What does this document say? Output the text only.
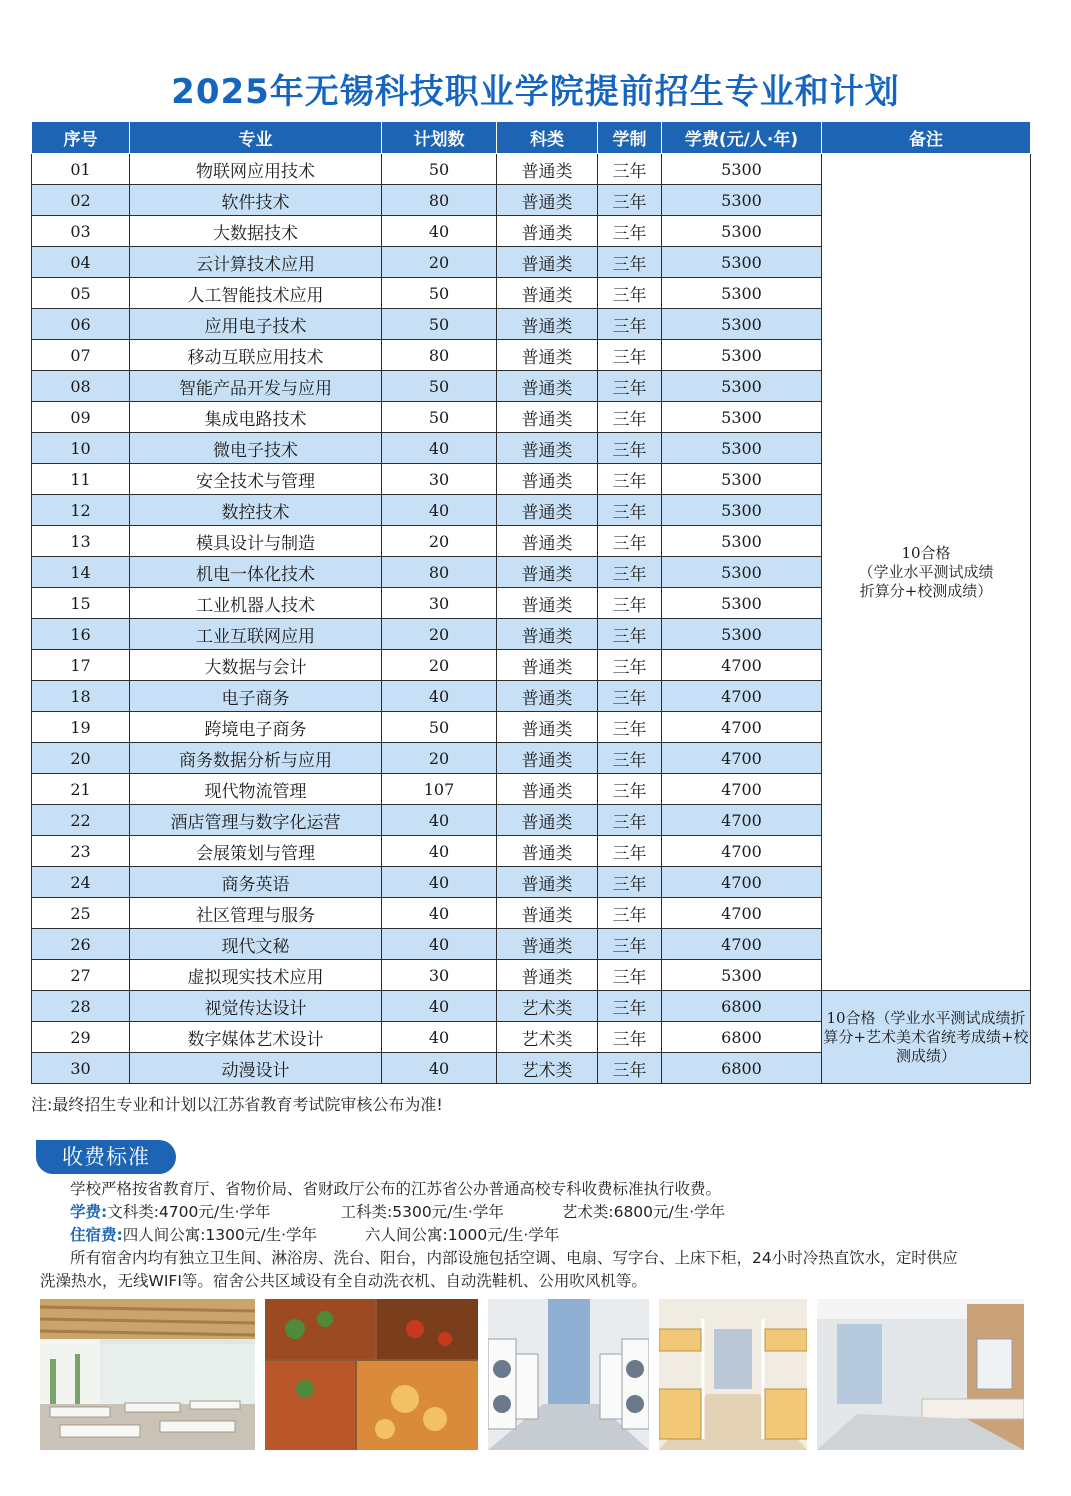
2025年无锡科技职业学院提前招生专业和计划
序号	专业	计划数	科类	学制	学费(元/人·年)	备注
01	物联网应用技术	50	普通类	三年	5300	10合格
（学业水平测试成绩
折算分+校测成绩）
02	软件技术	80	普通类	三年	5300	
03	大数据技术	40	普通类	三年	5300	
04	云计算技术应用	20	普通类	三年	5300	
05	人工智能技术应用	50	普通类	三年	5300	
06	应用电子技术	50	普通类	三年	5300	
07	移动互联应用技术	80	普通类	三年	5300	
08	智能产品开发与应用	50	普通类	三年	5300	
09	集成电路技术	50	普通类	三年	5300	
10	微电子技术	40	普通类	三年	5300	
11	安全技术与管理	30	普通类	三年	5300	
12	数控技术	40	普通类	三年	5300	
13	模具设计与制造	20	普通类	三年	5300	
14	机电一体化技术	80	普通类	三年	5300	
15	工业机器人技术	30	普通类	三年	5300	
16	工业互联网应用	20	普通类	三年	5300	
17	大数据与会计	20	普通类	三年	4700	
18	电子商务	40	普通类	三年	4700	
19	跨境电子商务	50	普通类	三年	4700	
20	商务数据分析与应用	20	普通类	三年	4700	
21	现代物流管理	107	普通类	三年	4700	
22	酒店管理与数字化运营	40	普通类	三年	4700	
23	会展策划与管理	40	普通类	三年	4700	
24	商务英语	40	普通类	三年	4700	
25	社区管理与服务	40	普通类	三年	4700	
26	现代文秘	40	普通类	三年	4700	
27	虚拟现实技术应用	30	普通类	三年	5300	
28	视觉传达设计	40	艺术类	三年	6800	10合格（学业水平测试成绩折算分+艺术美术省统考成绩+校测成绩）
29	数字媒体艺术设计	40	艺术类	三年	6800	
30	动漫设计	40	艺术类	三年	6800	
注:最终招生专业和计划以江苏省教育考试院审核公布为准!
收费标准
学校严格按省教育厅、省物价局、省财政厅公布的江苏省公办普通高校专科收费标准执行收费。
学费:文科类:4700元/生·学年	工科类:5300元/生·学年	艺术类:6800元/生·学年
住宿费:四人间公寓:1300元/生·学年	六人间公寓:1000元/生·学年
所有宿舍内均有独立卫生间、淋浴房、洗台、阳台，内部设施包括空调、电扇、写字台、上床下柜，24小时冷热直饮水，定时供应
洗澡热水，无线WIFI等。宿舍公共区域设有全自动洗衣机、自动洗鞋机、公用吹风机等。
